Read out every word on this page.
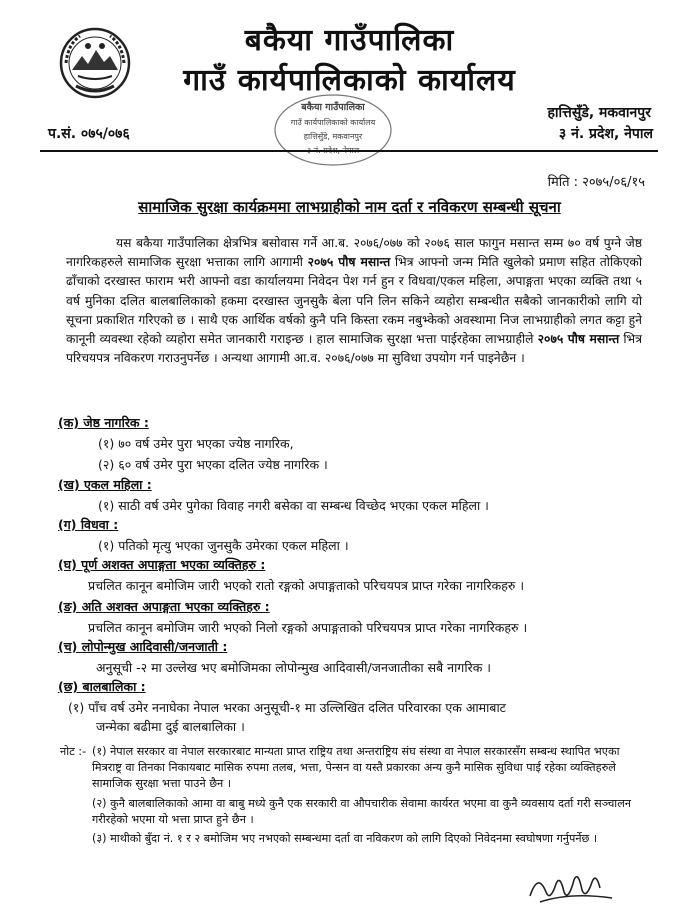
बकैया गाउँपालिका
गाउँ कार्यपालिकाको कार्यालय
हात्तिसुँडे, मकवानपुर
३ नं. प्रदेश, नेपाल
प.सं. ०७५/०७६
बकैया गाउँपालिका
गाउँ कार्यपालिकाको कार्यालय
हात्तिसुँडे, मकवानपुर
३ नं. प्रदेश, नेपाल
मिति : २०७५/०६/१५
सामाजिक सुरक्षा कार्यक्रममा लाभग्राहीको नाम दर्ता र नविकरण सम्बन्धी सूचना
यस बकैया गाउँपालिका क्षेत्रभित्र बसोवास गर्ने आ.ब. २०७६/०७७ को २०७६ साल फागुन मसान्त सम्म ७० वर्ष पुग्ने जेष्ठ नागरिकहरुले सामाजिक सुरक्षा भत्ताका लागि आगामी २०७५ पौष मसान्त भित्र आफ्नो जन्म मिति खुलेको प्रमाण सहित तोकिएको ढाँचाको दरखास्त फाराम भरी आफ्नो वडा कार्यालयमा निवेदन पेश गर्न हुन र विधवा/एकल महिला, अपाङ्गता भएका व्यक्ति तथा ५ वर्ष मुनिका दलित बालबालिकाको हकमा दरखास्त जुनसुकै बेला पनि लिन सकिने व्यहोरा सम्बन्धीत सबैको जानकारीको लागि यो सूचना प्रकाशित गरिएको छ । साथै एक आर्थिक वर्षको कुनै पनि किस्ता रकम नबुभ्केको अवस्थामा निज लाभग्राहीको लगत कट्टा हुने कानूनी व्यवस्था रहेको व्यहोरा समेत जानकारी गराइन्छ । हाल सामाजिक सुरक्षा भत्ता पाईरहेका लाभग्राहीले २०७५ पौष मसान्त भित्र परिचयपत्र नविकरण गराउनुपर्नेछ । अन्यथा आगामी आ.व. २०७६/०७७ मा सुविधा उपयोग गर्न पाइनेछैन ।
(क) जेष्ठ नागरिक :
(१) ७० वर्ष उमेर पुरा भएका ज्येष्ठ नागरिक,
(२) ६० वर्ष उमेर पुरा भएका दलित ज्येष्ठ नागरिक ।
(ख) एकल महिला :
(१) साठी वर्ष उमेर पुगेका विवाह नगरी बसेका वा सम्बन्ध विच्छेद भएका एकल महिला ।
(ग) विधवा :
(१) पतिको मृत्यु भएका जुनसुकै उमेरका एकल महिला ।
(घ) पूर्ण अशक्त अपाङ्गता भएका व्यक्तिहरु :
प्रचलित कानून बमोजिम जारी भएको रातो रङ्गको अपाङ्गताको परिचयपत्र प्राप्त गरेका नागरिकहरु ।
(ङ) अति अशक्त अपाङ्गता भएका व्यक्तिहरु :
प्रचलित कानून बमोजिम जारी भएको निलो रङ्गको अपाङ्गताको परिचयपत्र प्राप्त गरेका नागरिकहरु ।
(च) लोपोन्मुख आदिवासी/जनजाती :
अनुसूची -२ मा उल्लेख भए बमोजिमका लोपोन्मुख आदिवासी/जनजातीका सबै नागरिक ।
(छ) बालबालिका :
(१) पाँच वर्ष उमेर ननाघेका नेपाल भरका अनुसूची-१ मा उल्लिखित दलित परिवारका एक आमाबाट
जन्मेका बढीमा दुई बालबालिका ।
नोट :- (१) नेपाल सरकार वा नेपाल सरकारबाट मान्यता प्राप्त राष्ट्रिय तथा अन्तराष्ट्रिय संघ संस्था वा नेपाल सरकारसँग सम्बन्ध स्थापित भएका मित्रराष्ट्र वा तिनका निकायबाट मासिक रुपमा तलब, भत्ता, पेन्सन वा यस्तै प्रकारका अन्य कुनै मासिक सुविधा पाई रहेका व्यक्तिहरुले सामाजिक सुरक्षा भत्ता पाउने छैन ।
(२) कुनै बालबालिकाको आमा वा बाबु मध्ये कुनै एक सरकारी वा औपचारीक सेवामा कार्यरत भएमा वा कुनै व्यवसाय दर्ता गरी सञ्चालन गरीरहेको भएमा यो भत्ता प्राप्त हुने छैन ।
(३) माथीको बुँदा नं. १ र २ बमोजिम भए नभएको सम्बन्धमा दर्ता वा नविकरण को लागि दिएको निवेदनमा स्वघोषणा गर्नुपर्नेछ ।
